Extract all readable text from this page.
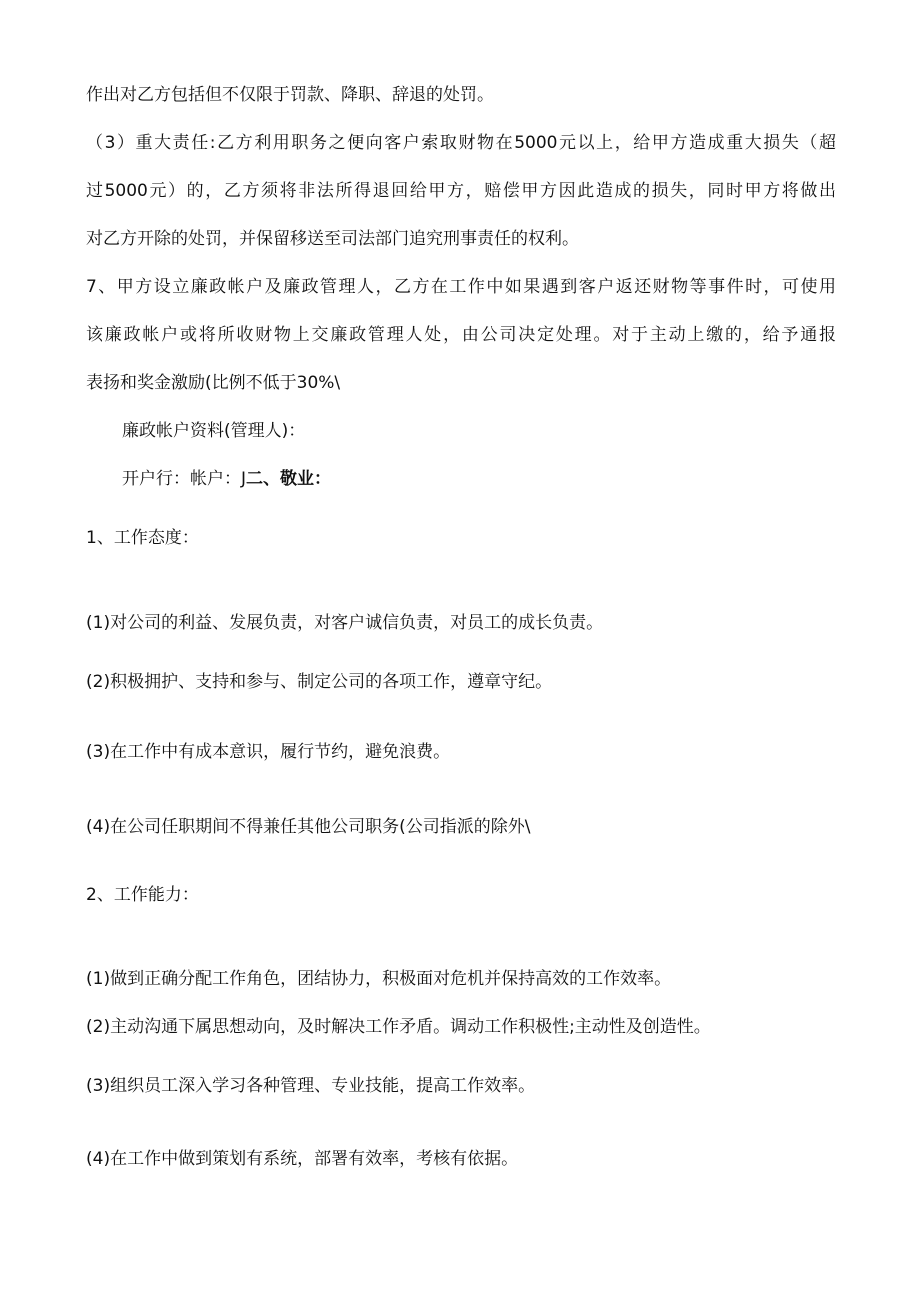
作出对乙方包括但不仅限于罚款、降职、辞退的处罚。
（3）重大责任:乙方利用职务之便向客户索取财物在5000元以上，给甲方造成重大损失（超
过5000元）的，乙方须将非法所得退回给甲方，赔偿甲方因此造成的损失，同时甲方将做出
对乙方开除的处罚，并保留移送至司法部门追究刑事责任的权利。
7、甲方设立廉政帐户及廉政管理人，乙方在工作中如果遇到客户返还财物等事件时，可使用
该廉政帐户或将所收财物上交廉政管理人处，由公司决定处理。对于主动上缴的，给予通报
表扬和奖金激励(比例不低于30%\
廉政帐户资料(管理人)：
开户行：帐户：J二、敬业：
1、工作态度：
(1)对公司的利益、发展负责，对客户诚信负责，对员工的成长负责。
(2)积极拥护、支持和参与、制定公司的各项工作，遵章守纪。
(3)在工作中有成本意识，履行节约，避免浪费。
(4)在公司任职期间不得兼任其他公司职务(公司指派的除外\
2、工作能力：
(1)做到正确分配工作角色，团结协力，积极面对危机并保持高效的工作效率。
(2)主动沟通下属思想动向，及时解决工作矛盾。调动工作积极性;主动性及创造性。
(3)组织员工深入学习各种管理、专业技能，提高工作效率。
(4)在工作中做到策划有系统，部署有效率，考核有依据。
